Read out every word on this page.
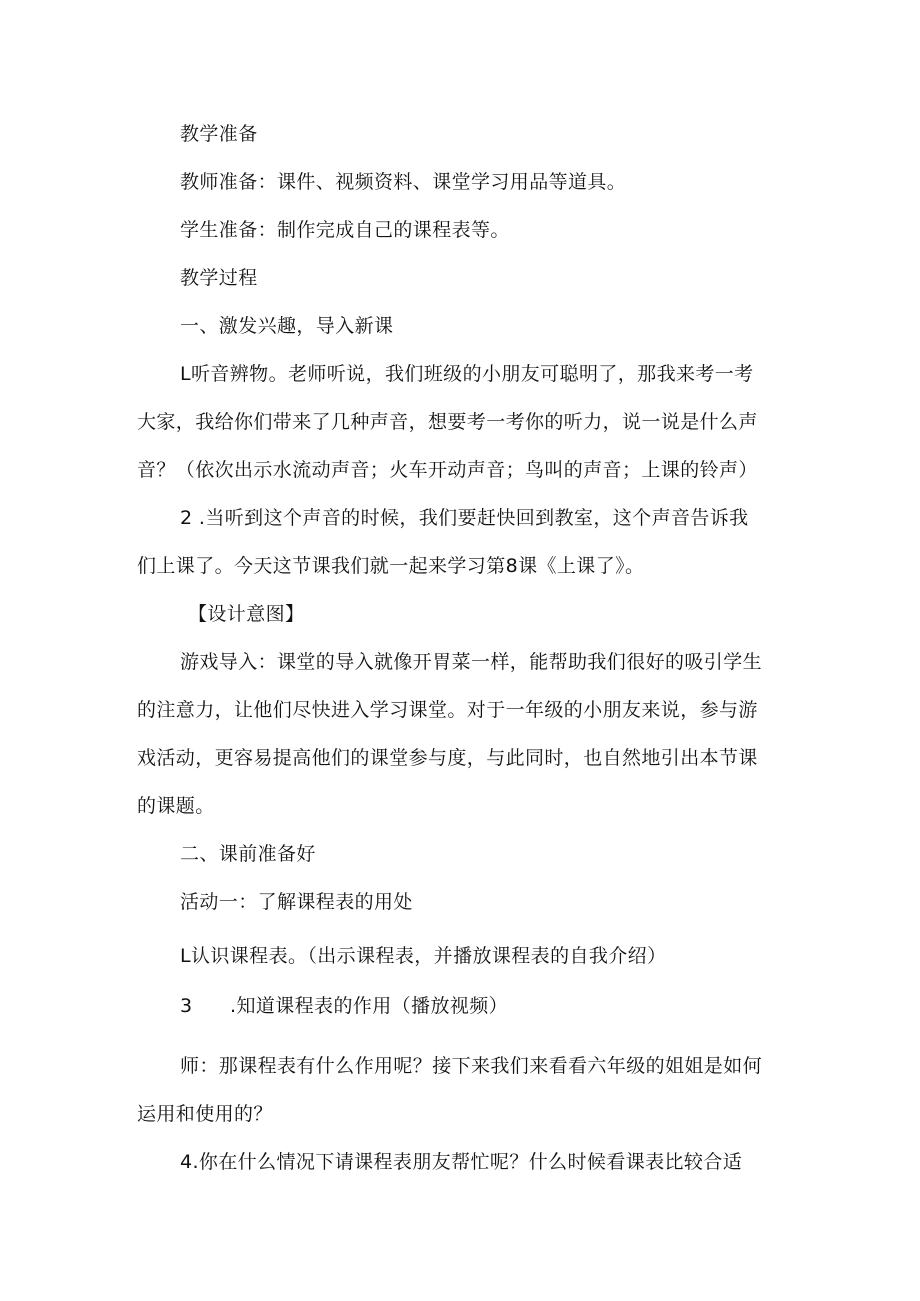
教学准备
教师准备：课件、视频资料、课堂学习用品等道具。
学生准备：制作完成自己的课程表等。
教学过程
一、激发兴趣，导入新课
L听音辨物。老师听说，我们班级的小朋友可聪明了，那我来考一考
大家，我给你们带来了几种声音，想要考一考你的听力，说一说是什么声
音？（依次出示水流动声音；火车开动声音；鸟叫的声音；上课的铃声）
2 .当听到这个声音的时候，我们要赶快回到教室，这个声音告诉我
们上课了。今天这节课我们就一起来学习第8课《上课了》。
【设计意图】
游戏导入：课堂的导入就像开胃菜一样，能帮助我们很好的吸引学生
的注意力，让他们尽快进入学习课堂。对于一年级的小朋友来说，参与游
戏活动，更容易提高他们的课堂参与度，与此同时，也自然地引出本节课
的课题。
二、课前准备好
活动一：了解课程表的用处
L认识课程表。（出示课程表，并播放课程表的自我介绍）
3 .知道课程表的作用（播放视频）
师：那课程表有什么作用呢？接下来我们来看看六年级的姐姐是如何
运用和使用的？
4.你在什么情况下请课程表朋友帮忙呢？什么时候看课表比较合适
